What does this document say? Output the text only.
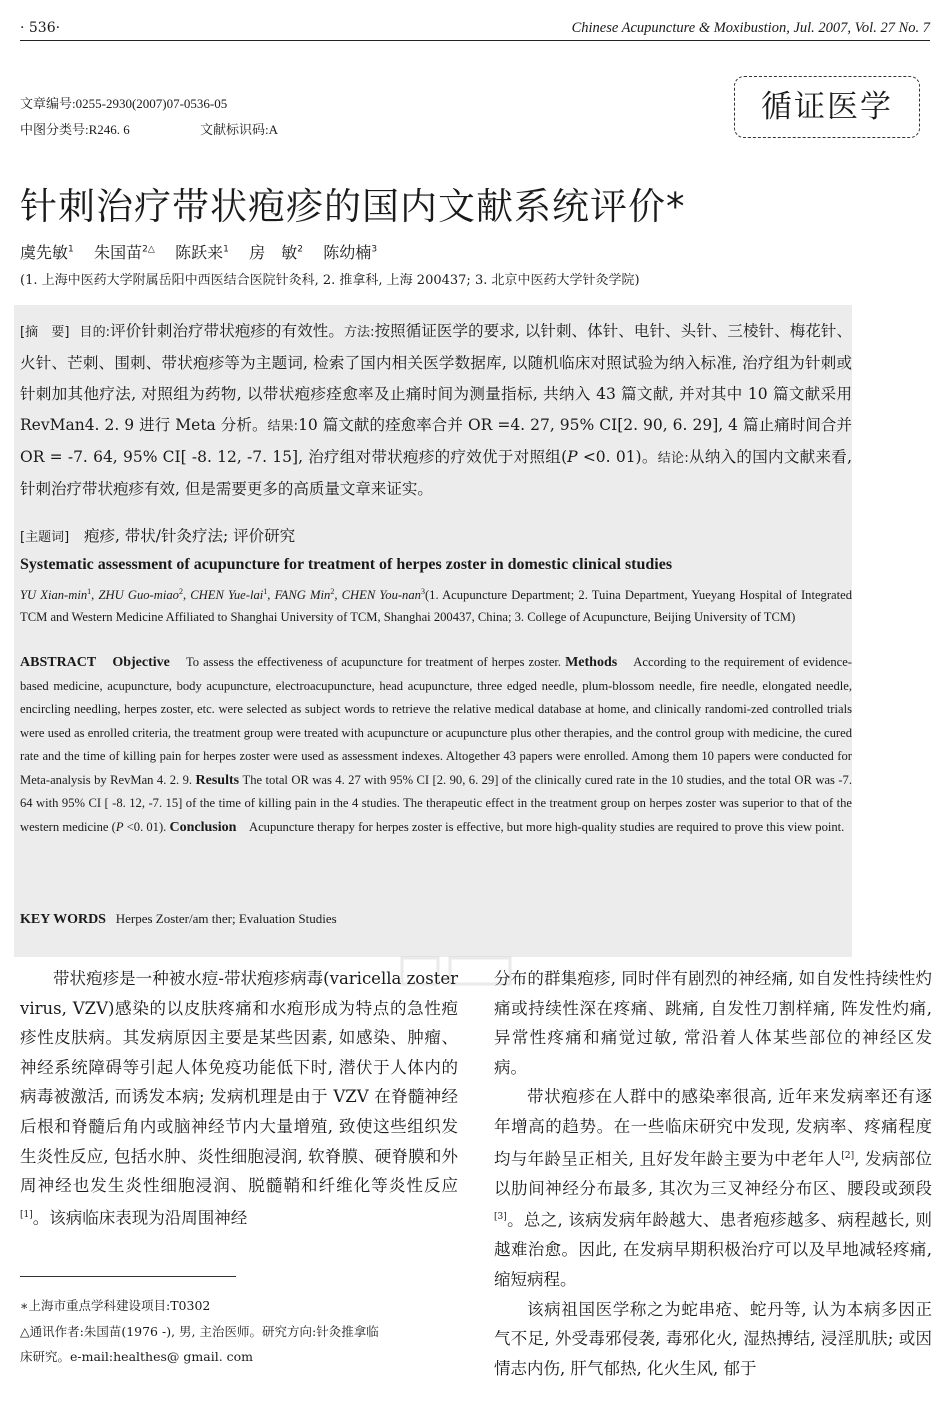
· 536·	Chinese Acupuncture & Moxibustion, Jul. 2007, Vol. 27 No. 7
文章编号:0255-2930(2007)07-0536-05
中图分类号:R246. 6	文献标识码:A
循证医学
针刺治疗带状疱疹的国内文献系统评价*
虞先敏$^1$ 朱国苗$^{2\triangle}$ 陈跃来$^1$ 房　敏$^2$ 陈幼楠$^3$
(1. 上海中医药大学附属岳阳中西医结合医院针灸科, 2. 推拿科, 上海 200437; 3. 北京中医药大学针灸学院)
[摘　要] 目的:评价针刺治疗带状疱疹的有效性。方法:按照循证医学的要求, 以针刺、体针、电针、头针、三棱针、梅花针、火针、芒刺、围刺、带状疱疹等为主题词, 检索了国内相关医学数据库, 以随机临床对照试验为纳入标准, 治疗组为针刺或针刺加其他疗法, 对照组为药物, 以带状疱疹痊愈率及止痛时间为测量指标, 共纳入 43 篇文献, 并对其中 10 篇文献采用 RevMan4. 2. 9 进行 Meta 分析。结果:10 篇文献的痊愈率合并 OR =4. 27, 95% CI[2. 90, 6. 29], 4 篇止痛时间合并 OR = -7. 64, 95% CI[ -8. 12, -7. 15], 治疗组对带状疱疹的疗效优于对照组(P <0. 01)。结论:从纳入的国内文献来看, 针刺治疗带状疱疹有效, 但是需要更多的高质量文章来证实。
[主题词] 疱疹, 带状/针灸疗法; 评价研究
Systematic assessment of acupuncture for treatment of herpes zoster in domestic clinical studies
YU Xian-$\min^1$, ZHU Guo-miao$^2$, CHEN Yue-lai$^1$, FANG Min$^2$, CHEN You-nan$^3$(1. Acupuncture Department; 2. Tuina Department, Yueyang Hospital of Integrated TCM and Western Medicine Affiliated to Shanghai University of TCM, Shanghai 200437, China; 3. College of Acupuncture, Beijing University of TCM)
ABSTRACT Objective To assess the effectiveness of acupuncture for treatment of herpes zoster. Methods According to the requirement of evidence-based medicine, acupuncture, body acupuncture, electroacupuncture, head acupuncture, three edged needle, plum-blossom needle, fire needle, elongated needle, encircling needling, herpes zoster, etc. were selected as subject words to retrieve the relative medical database at home, and clinically randomi-zed controlled trials were used as enrolled criteria, the treatment group were treated with acupuncture or acupuncture plus other therapies, and the control group with medicine, the cured rate and the time of killing pain for herpes zoster were used as assessment indexes. Altogether 43 papers were enrolled. Among them 10 papers were conducted for Meta-analysis by RevMan 4. 2. 9. Results The total OR was 4. 27 with 95% CI [2. 90, 6. 29] of the clinically cured rate in the 10 studies, and the total OR was -7. 64 with 95% CI [ -8. 12, -7. 15] of the time of killing pain in the 4 studies. The therapeutic effect in the treatment group on herpes zoster was superior to that of the western medicine (P <0. 01). Conclusion Acupuncture therapy for herpes zoster is effective, but more high-quality studies are required to prove this view point.
KEY WORDS Herpes Zoster/am ther; Evaluation Studies

带状疱疹是一种被水痘-带状疱疹病毒(varicella zoster virus, VZV)感染的以皮肤疼痛和水疱形成为特点的急性疱疹性皮肤病。其发病原因主要是某些因素, 如感染、肿瘤、神经系统障碍等引起人体免疫功能低下时, 潜伏于人体内的病毒被激活, 而诱发本病; 发病机理是由于 VZV 在脊髓神经后根和脊髓后角内或脑神经节内大量增殖, 致使这些组织发生炎性反应, 包括水肿、炎性细胞浸润, 软脊膜、硬脊膜和外周神经也发生炎性细胞浸润、脱髓鞘和纤维化等炎性反应[1]。该病临床表现为沿周围神经

分布的群集疱疹, 同时伴有剧烈的神经痛, 如自发性持续性灼痛或持续性深在疼痛、跳痛, 自发性刀割样痛, 阵发性灼痛, 异常性疼痛和痛觉过敏, 常沿着人体某些部位的神经区发病。

带状疱疹在人群中的感染率很高, 近年来发病率还有逐年增高的趋势。在一些临床研究中发现, 发病率、疼痛程度均与年龄呈正相关, 且好发年龄主要为中老年人[2], 发病部位以肋间神经分布最多, 其次为三叉神经分布区、腰段或颈段[3]。总之, 该病发病年龄越大、患者疱疹越多、病程越长, 则越难治愈。因此, 在发病早期积极治疗可以及早地减轻疼痛, 缩短病程。

该病祖国医学称之为蛇串疮、蛇丹等, 认为本病多因正气不足, 外受毒邪侵袭, 毒邪化火, 湿热搏结, 浸淫肌肤; 或因情志内伤, 肝气郁热, 化火生风, 郁于

∗上海市重点学科建设项目:T0302
△通讯作者:朱国苗(1976 -), 男, 主治医师。研究方向:针灸推拿临
床研究。e-mail:healthes@ gmail. com
